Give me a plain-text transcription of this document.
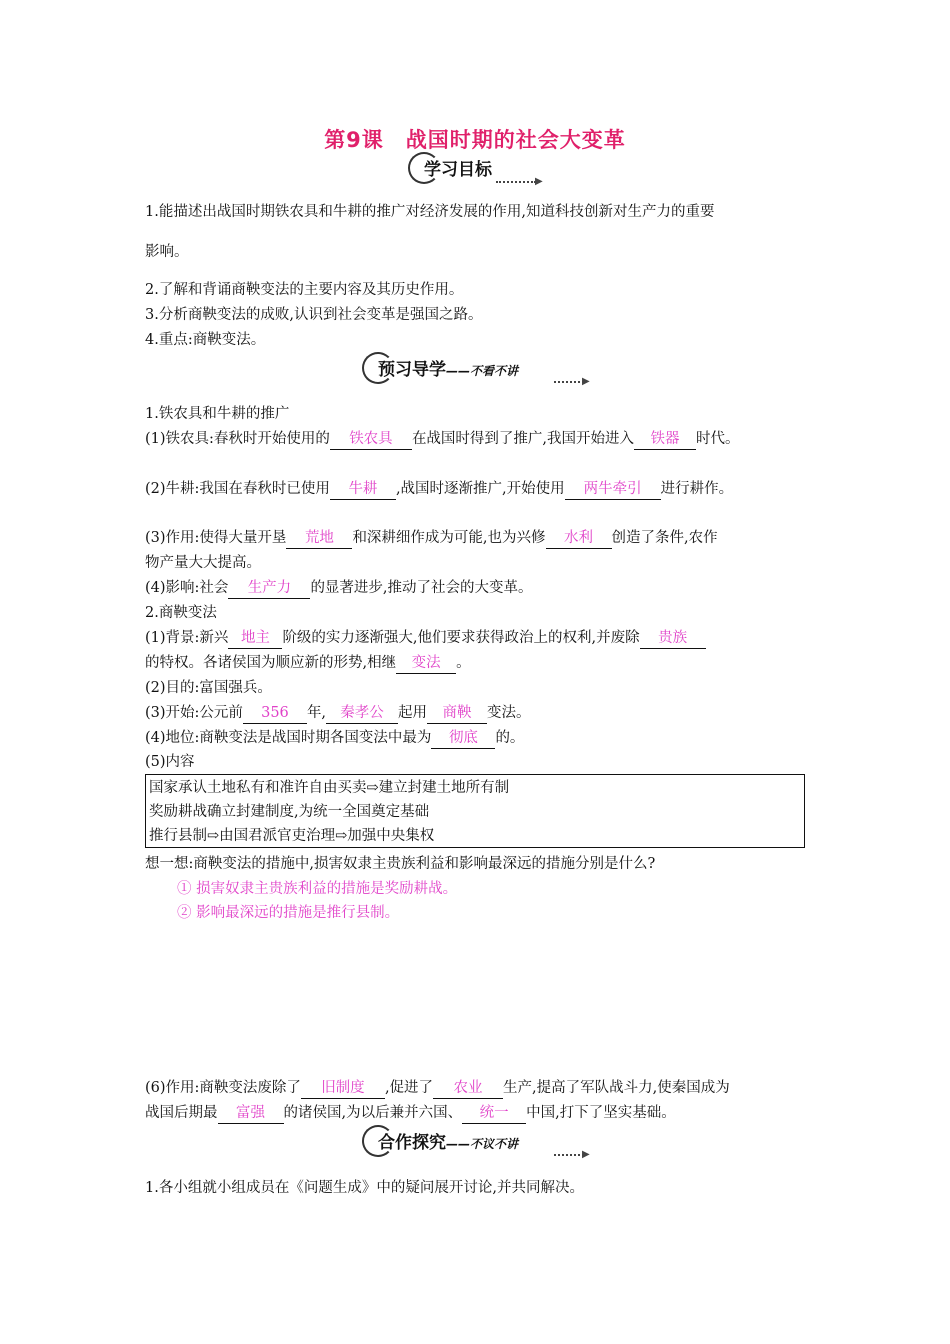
第9课　战国时期的社会大变革
学习目标
▶
1.能描述出战国时期铁农具和牛耕的推广对经济发展的作用,知道科技创新对生产力的重要
影响。
2.了解和背诵商鞅变法的主要内容及其历史作用。
3.分析商鞅变法的成败,认识到社会变革是强国之路。
4.重点:商鞅变法。
预习导学——不看不讲
▶
1.铁农具和牛耕的推广
(1)铁农具:春秋时开始使用的 铁农具 在战国时得到了推广,我国开始进入 铁器 时代。
(2)牛耕:我国在春秋时已使用 牛耕 ,战国时逐渐推广,开始使用 两牛牵引 进行耕作。
(3)作用:使得大量开垦 荒地 和深耕细作成为可能,也为兴修 水利 创造了条件,农作
物产量大大提高。
(4)影响:社会 生产力 的显著进步,推动了社会的大变革。
2.商鞅变法
(1)背景:新兴 地主 阶级的实力逐渐强大,他们要求获得政治上的权利,并废除 贵族
的特权。各诸侯国为顺应新的形势,相继 变法 。
(2)目的:富国强兵。
(3)开始:公元前 356 年, 秦孝公 起用 商鞅 变法。
(4)地位:商鞅变法是战国时期各国变法中最为 彻底 的。
(5)内容
国家承认土地私有和准许自由买卖⇨建立封建土地所有制
奖励耕战确立封建制度,为统一全国奠定基础
推行县制⇨由国君派官吏治理⇨加强中央集权
想一想:商鞅变法的措施中,损害奴隶主贵族利益和影响最深远的措施分别是什么?
① 损害奴隶主贵族利益的措施是奖励耕战。
② 影响最深远的措施是推行县制。
(6)作用:商鞅变法废除了 旧制度 ,促进了 农业 生产,提高了军队战斗力,使秦国成为
战国后期最 富强 的诸侯国,为以后兼并六国、 统一 中国,打下了坚实基础。
合作探究——不议不讲
▶
1.各小组就小组成员在《问题生成》中的疑问展开讨论,并共同解决。
